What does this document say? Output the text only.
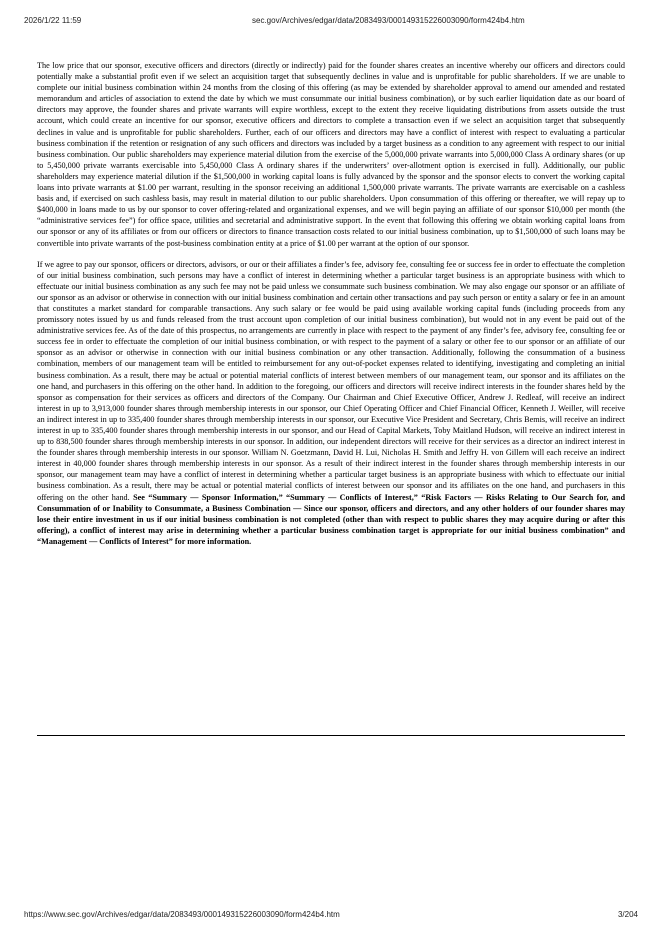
2026/1/22 11:59	sec.gov/Archives/edgar/data/2083493/000149315226003090/form424b4.htm

The low price that our sponsor, executive officers and directors (directly or indirectly) paid for the founder shares creates an incentive whereby our officers and directors could potentially make a substantial profit even if we select an acquisition target that subsequently declines in value and is unprofitable for public shareholders. If we are unable to complete our initial business combination within 24 months from the closing of this offering (as may be extended by shareholder approval to amend our amended and restated memorandum and articles of association to extend the date by which we must consummate our initial business combination), or by such earlier liquidation date as our board of directors may approve, the founder shares and private warrants will expire worthless, except to the extent they receive liquidating distributions from assets outside the trust account, which could create an incentive for our sponsor, executive officers and directors to complete a transaction even if we select an acquisition target that subsequently declines in value and is unprofitable for public shareholders. Further, each of our officers and directors may have a conflict of interest with respect to evaluating a particular business combination if the retention or resignation of any such officers and directors was included by a target business as a condition to any agreement with respect to our initial business combination. Our public shareholders may experience material dilution from the exercise of the 5,000,000 private warrants into 5,000,000 Class A ordinary shares (or up to 5,450,000 private warrants exercisable into 5,450,000 Class A ordinary shares if the underwriters’ over-allotment option is exercised in full). Additionally, our public shareholders may experience material dilution if the $1,500,000 in working capital loans is fully advanced by the sponsor and the sponsor elects to convert the working capital loans into private warrants at $1.00 per warrant, resulting in the sponsor receiving an additional 1,500,000 private warrants. The private warrants are exercisable on a cashless basis and, if exercised on such cashless basis, may result in material dilution to our public shareholders. Upon consummation of this offering or thereafter, we will repay up to $400,000 in loans made to us by our sponsor to cover offering-related and organizational expenses, and we will begin paying an affiliate of our sponsor $10,000 per month (the “administrative services fee”) for office space, utilities and secretarial and administrative support. In the event that following this offering we obtain working capital loans from our sponsor or any of its affiliates or from our officers or directors to finance transaction costs related to our initial business combination, up to $1,500,000 of such loans may be convertible into private warrants of the post-business combination entity at a price of $1.00 per warrant at the option of our sponsor.

If we agree to pay our sponsor, officers or directors, advisors, or our or their affiliates a finder’s fee, advisory fee, consulting fee or success fee in order to effectuate the completion of our initial business combination, such persons may have a conflict of interest in determining whether a particular target business is an appropriate business with which to effectuate our initial business combination as any such fee may not be paid unless we consummate such business combination. We may also engage our sponsor or an affiliate of our sponsor as an advisor or otherwise in connection with our initial business combination and certain other transactions and pay such person or entity a salary or fee in an amount that constitutes a market standard for comparable transactions. Any such salary or fee would be paid using available working capital funds (including proceeds from any promissory notes issued by us and funds released from the trust account upon completion of our initial business combination), but would not in any event be paid out of the administrative services fee. As of the date of this prospectus, no arrangements are currently in place with respect to the payment of any finder’s fee, advisory fee, consulting fee or success fee in order to effectuate the completion of our initial business combination, or with respect to the payment of a salary or other fee to our sponsor or an affiliate of our sponsor as an advisor or otherwise in connection with our initial business combination or any other transaction. Additionally, following the consummation of a business combination, members of our management team will be entitled to reimbursement for any out-of-pocket expenses related to identifying, investigating and completing an initial business combination. As a result, there may be actual or potential material conflicts of interest between members of our management team, our sponsor and its affiliates on the one hand, and purchasers in this offering on the other hand. In addition to the foregoing, our officers and directors will receive indirect interests in the founder shares held by the sponsor as compensation for their services as officers and directors of the Company. Our Chairman and Chief Executive Officer, Andrew J. Redleaf, will receive an indirect interest in up to 3,913,000 founder shares through membership interests in our sponsor, our Chief Operating Officer and Chief Financial Officer, Kenneth J. Weiller, will receive an indirect interest in up to 335,400 founder shares through membership interests in our sponsor, our Executive Vice President and Secretary, Chris Bemis, will receive an indirect interest in up to 335,400 founder shares through membership interests in our sponsor, and our Head of Capital Markets, Toby Maitland Hudson, will receive an indirect interest in up to 838,500 founder shares through membership interests in our sponsor. In addition, our independent directors will receive for their services as a director an indirect interest in the founder shares through membership interests in our sponsor. William N. Goetzmann, David H. Lui, Nicholas H. Smith and Jeffry H. von Gillern will each receive an indirect interest in 40,000 founder shares through membership interests in our sponsor. As a result of their indirect interest in the founder shares through membership interests in our sponsor, our management team may have a conflict of interest in determining whether a particular target business is an appropriate business with which to effectuate our initial business combination. As a result, there may be actual or potential material conflicts of interest between our sponsor and its affiliates on the one hand, and purchasers in this offering on the other hand. See “Summary — Sponsor Information,” “Summary — Conflicts of Interest,” “Risk Factors — Risks Relating to Our Search for, and Consummation of or Inability to Consummate, a Business Combination — Since our sponsor, officers and directors, and any other holders of our founder shares may lose their entire investment in us if our initial business combination is not completed (other than with respect to public shares they may acquire during or after this offering), a conflict of interest may arise in determining whether a particular business combination target is appropriate for our initial business combination” and “Management — Conflicts of Interest” for more information.

https://www.sec.gov/Archives/edgar/data/2083493/000149315226003090/form424b4.htm	3/204
